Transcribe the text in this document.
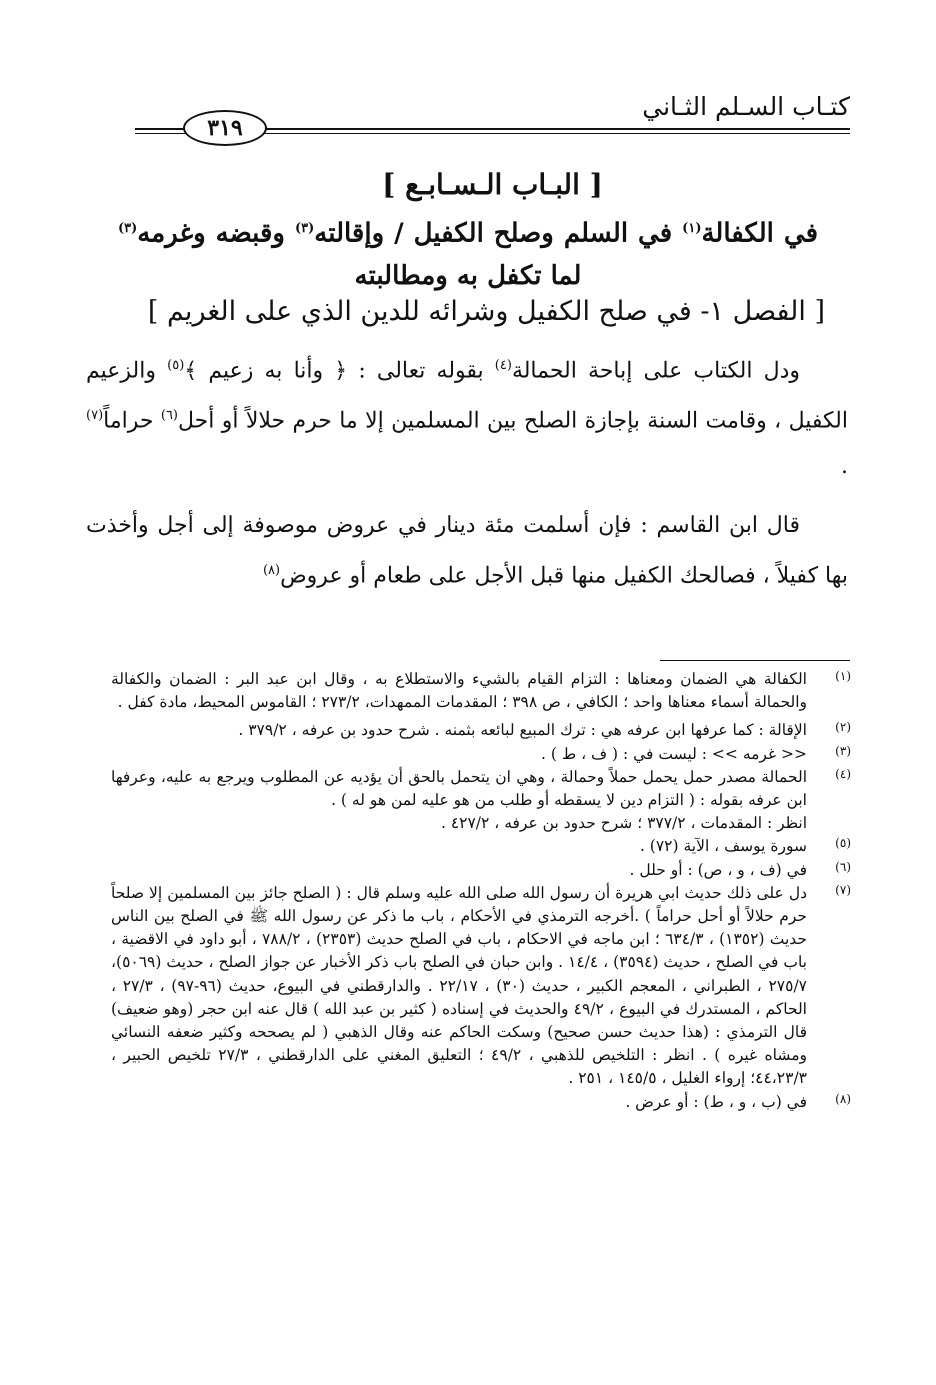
كتـاب السـلم الثـاني
٣١٩
[ البـاب الـسـابـع ]
في الكفالة$^{(١)}$ في السلم وصلح الكفيل / وإقالته$^{(٣)}$ وقبضه وغرمه$^{(٣)}$ لما تكفل به ومطالبته
[ الفصل ١- في صلح الكفيل وشرائه للدين الذي على الغريم ]

ودل الكتاب على إباحة الحمالة$^{(٤)}$ بقوله تعالى : ﴿ وأنا به زعيم ﴾$^{(٥)}$ والزعيم الكفيل ، وقامت السنة بإجازة الصلح بين المسلمين إلا ما حرم حلالاً أو أحل$^{(٦)}$ حراماً$^{(٧)}$ .

قال ابن القاسم : فإن أسلمت مئة دينار في عروض موصوفة إلى أجل وأخذت بها كفيلاً ، فصالحك الكفيل منها قبل الأجل على طعام أو عروض$^{(٨)}$

(١)
الكفالة هي الضمان ومعناها : التزام القيام بالشيء والاستطلاع به ، وقال ابن عبد البر : الضمان والكفالة والحمالة أسماء معناها واحد ؛ الكافي ، ص ٣٩٨ ؛ المقدمات الممهدات، ٢٧٣/٢ ؛ القاموس المحيط، مادة كفل .
(٢)
الإقالة : كما عرفها ابن عرفه هي : ترك المبيع لبائعه بثمنه . شرح حدود بن عرفه ، ٣٧٩/٢ .
(٣)
<< غرمه >> : ليست في : ( ف ، ط ) .
(٤)
الحمالة مصدر حمل يحمل حملاً وحمالة ، وهي ان يتحمل بالحق أن يؤديه عن المطلوب ويرجع به عليه، وعرفها ابن عرفه بقوله : ( التزام دين لا يسقطه أو طلب من هو عليه لمن هو له ) .
انظر : المقدمات ، ٣٧٧/٢ ؛ شرح حدود بن عرفه ، ٤٢٧/٢ .
(٥)
سورة يوسف ، الآية (٧٢) .
(٦)
في (ف ، و ، ص) : أو حلل .
(٧)
دل على ذلك حديث ابي هريرة أن رسول الله صلى الله عليه وسلم قال : ( الصلح جائز بين المسلمين إلا صلحاً حرم حلالاً أو أحل حراماً ) .أخرجه الترمذي في الأحكام ، باب ما ذكر عن رسول الله ﷺ في الصلح بين الناس حديث (١٣٥٢) ، ٦٣٤/٣ ؛ ابن ماجه في الاحكام ، باب في الصلح حديث (٢٣٥٣) ، ٧٨٨/٢ ، أبو داود في الاقضية ، باب في الصلح ، حديث (٣٥٩٤) ، ١٤/٤ . وابن حبان في الصلح باب ذكر الأخبار عن جواز الصلح ، حديث (٥٠٦٩)، ٢٧٥/٧ ، الطبراني ، المعجم الكبير ، حديث (٣٠) ، ٢٢/١٧ . والدارقطني في البيوع، حديث (٩٦-٩٧) ، ٢٧/٣ ، الحاكم ، المستدرك في البيوع ، ٤٩/٢ والحديث في إسناده ( كثير بن عبد الله ) قال عنه ابن حجر (وهو ضعيف) قال الترمذي : (هذا حديث حسن صحيح) وسكت الحاكم عنه وقال الذهبي ( لم يصححه وكثير ضعفه النسائي ومشاه غيره ) . انظر : التلخيص للذهبي ، ٤٩/٢ ؛ التعليق المغني على الدارقطني ، ٢٧/٣ تلخيص الحبير ، ٤٤،٢٣/٣؛ إرواء الغليل ، ١٤٥/٥ ، ٢٥١ .
(٨)
في (ب ، و ، ط) : أو عرض .
